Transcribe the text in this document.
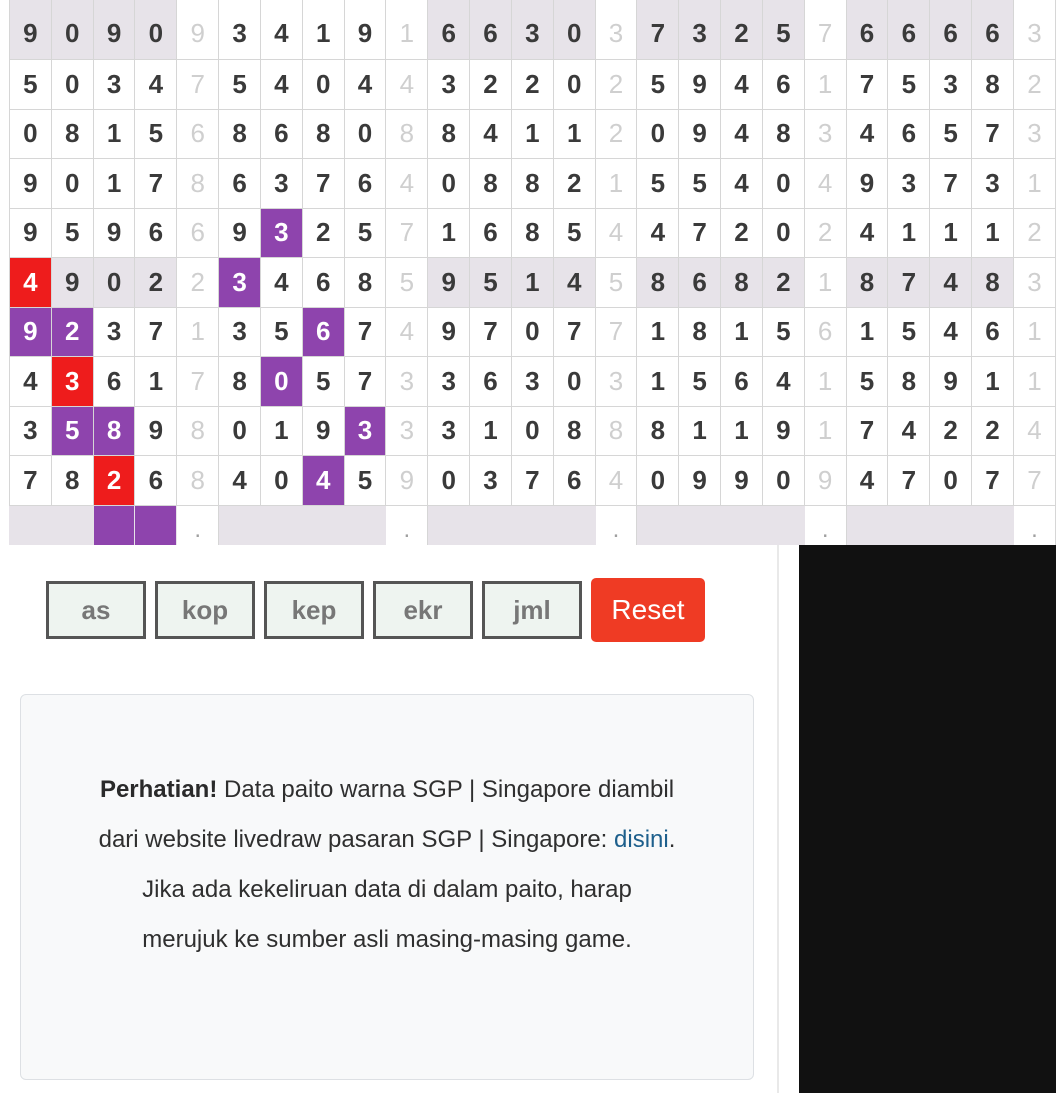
9	0	9	0	9	3	4	1	9	1	6	6	3	0	3	7	3	2	5	7	6	6	6	6	3
5	0	3	4	7	5	4	0	4	4	3	2	2	0	2	5	9	4	6	1	7	5	3	8	2
0	8	1	5	6	8	6	8	0	8	8	4	1	1	2	0	9	4	8	3	4	6	5	7	3
9	0	1	7	8	6	3	7	6	4	0	8	8	2	1	5	5	4	0	4	9	3	7	3	1
9	5	9	6	6	9	3	2	5	7	1	6	8	5	4	4	7	2	0	2	4	1	1	1	2
4	9	0	2	2	3	4	6	8	5	9	5	1	4	5	8	6	8	2	1	8	7	4	8	3
9	2	3	7	1	3	5	6	7	4	9	7	0	7	7	1	8	1	5	6	1	5	4	6	1
4	3	6	1	7	8	0	5	7	3	3	6	3	0	3	1	5	6	4	1	5	8	9	1	1
3	5	8	9	8	0	1	9	3	3	3	1	0	8	8	8	1	1	9	1	7	4	2	2	4
7	8	2	6	8	4	0	4	5	9	0	3	7	6	4	0	9	9	0	9	4	7	0	7	7
				.					.					.					.					.
as	kop	kep	ekr	jml	Reset
Perhatian! Data paito warna SGP | Singapore diambil dari website livedraw pasaran SGP | Singapore: disini. Jika ada kekeliruan data di dalam paito, harap merujuk ke sumber asli masing-masing game.
